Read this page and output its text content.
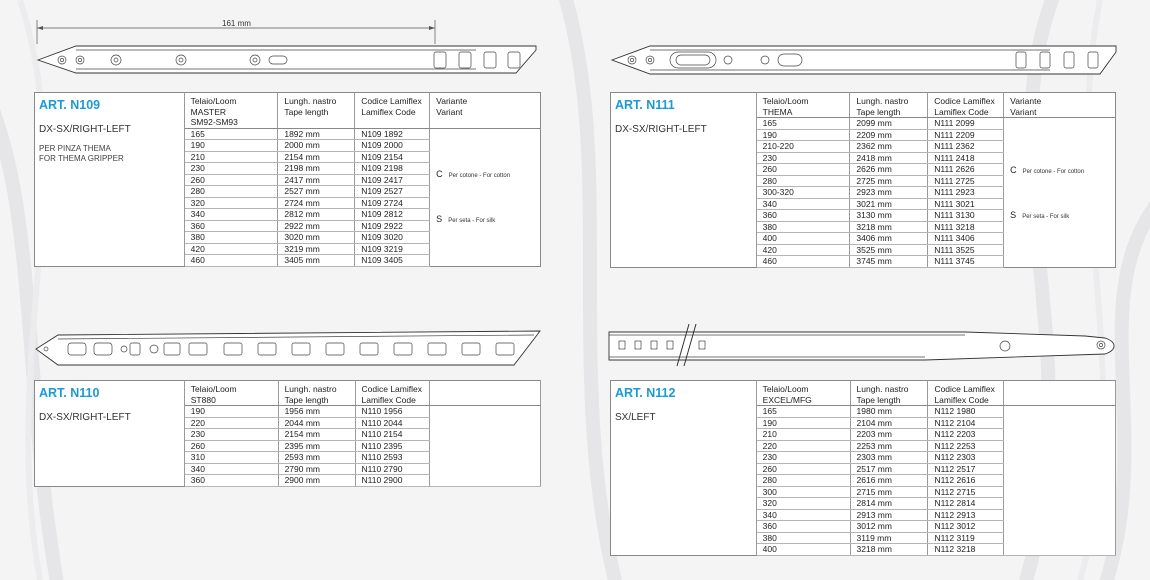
161 mm
ART. N109
DX-SX/RIGHT-LEFT
PER PINZA THEMA
FOR THEMA GRIPPER	Telaio/Loom
MASTER
SM92-SM93	Lungh. nastro
Tape length	Codice Lamiflex
Lamiflex Code	Variante
Variant
	165	1892 mm	N109 1892	C Per cotone - For cotton
S Per seta - For silk

	190	2000 mm	N109 2000	
	210	2154 mm	N109 2154	
	230	2198 mm	N109 2198	
	260	2417 mm	N109 2417	
	280	2527 mm	N109 2527	
	320	2724 mm	N109 2724	
	340	2812 mm	N109 2812	
	360	2922 mm	N109 2922	
	380	3020 mm	N109 3020	
	420	3219 mm	N109 3219	
	460	3405 mm	N109 3405	
ART. N111
DX-SX/RIGHT-LEFT	Telaio/Loom
THEMA	Lungh. nastro
Tape length	Codice Lamiflex
Lamiflex Code	Variante
Variant
	165	2099 mm	N111 2099	C Per cotone - For cotton
S Per seta - For silk

	190	2209 mm	N111 2209	
	210-220	2362 mm	N111 2362	
	230	2418 mm	N111 2418	
	260	2626 mm	N111 2626	
	280	2725 mm	N111 2725	
	300-320	2923 mm	N111 2923	
	340	3021 mm	N111 3021	
	360	3130 mm	N111 3130	
	380	3218 mm	N111 3218	
	400	3406 mm	N111 3406	
	420	3525 mm	N111 3525	
	460	3745 mm	N111 3745	
ART. N110
DX-SX/RIGHT-LEFT	Telaio/Loom
ST880	Lungh. nastro
Tape length	Codice Lamiflex
Lamiflex Code	
	190	1956 mm	N110 1956	
	220	2044 mm	N110 2044	
	230	2154 mm	N110 2154	
	260	2395 mm	N110 2395	
	310	2593 mm	N110 2593	
	340	2790 mm	N110 2790	
	360	2900 mm	N110 2900	
ART. N112
SX/LEFT	Telaio/Loom
EXCEL/MFG	Lungh. nastro
Tape length	Codice Lamiflex
Lamiflex Code	
	165	1980 mm	N112 1980	
	190	2104 mm	N112 2104	
	210	2203 mm	N112 2203	
	220	2253 mm	N112 2253	
	230	2303 mm	N112 2303	
	260	2517 mm	N112 2517	
	280	2616 mm	N112 2616	
	300	2715 mm	N112 2715	
	320	2814 mm	N112 2814	
	340	2913 mm	N112 2913	
	360	3012 mm	N112 3012	
	380	3119 mm	N112 3119	
	400	3218 mm	N112 3218	
